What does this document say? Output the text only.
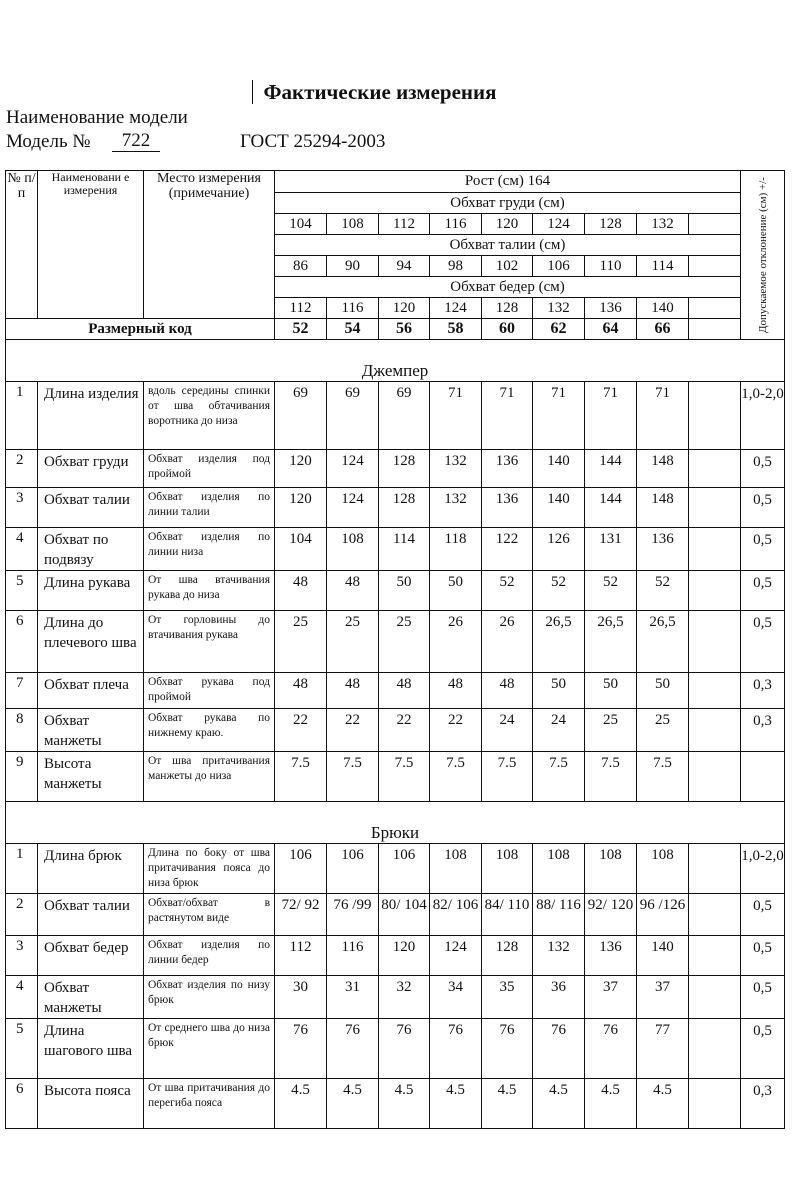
Фактические измерения
Наименование модели
Модель №	722	ГОСТ 25294-2003
№ п/ п	Наименовани е измерения	Место измерения (примечание)	Рост (см) 164									Допускаемое отклонение (см) +/-

			Обхват груди (см)									
			104	108	112	116	120	124	128	132		
			Обхват талии (см)									
			86	90	94	98	102	106	110	114		
			Обхват бедер (см)									
			112	116	120	124	128	132	136	140		
Размерный код			52	54	56	58	60	62	64	66		
Джемпер												
1	Длина изделия	вдоль середины спинки от шва обтачивания воротника до низа	69	69	69	71	71	71	71	71		1,0-2,0
2	Обхват груди	Обхват изделия под проймой	120	124	128	132	136	140	144	148		0,5
3	Обхват талии	Обхват изделия по линии талии	120	124	128	132	136	140	144	148		0,5
4	Обхват по подвязу	Обхват изделия по линии низа	104	108	114	118	122	126	131	136		0,5
5	Длина рукава	От шва втачивания рукава до низа	48	48	50	50	52	52	52	52		0,5
6	Длина до плечевого шва	От горловины до втачивания рукава	25	25	25	26	26	26,5	26,5	26,5		0,5
7	Обхват плеча	Обхват рукава под проймой	48	48	48	48	48	50	50	50		0,3
8	Обхват манжеты	Обхват рукава по нижнему краю.	22	22	22	22	24	24	25	25		0,3
9	Высота манжеты	От шва притачивания манжеты до низа	7.5	7.5	7.5	7.5	7.5	7.5	7.5	7.5		
Брюки												
1	Длина брюк	Длина по боку от шва притачивания пояса до низа брюк	106	106	106	108	108	108	108	108		1,0-2,0
2	Обхват талии	Обхват/обхват в растянутом виде	72/ 92	76 /99	80/ 104	82/ 106	84/ 110	88/ 116	92/ 120	96 /126		0,5
3	Обхват бедер	Обхват изделия по линии бедер	112	116	120	124	128	132	136	140		0,5
4	Обхват манжеты	Обхват изделия по низу брюк	30	31	32	34	35	36	37	37		0,5
5	Длина шагового шва	От среднего шва до низа брюк	76	76	76	76	76	76	76	77		0,5
6	Высота пояса	От шва притачивания до перегиба пояса	4.5	4.5	4.5	4.5	4.5	4.5	4.5	4.5		0,3
